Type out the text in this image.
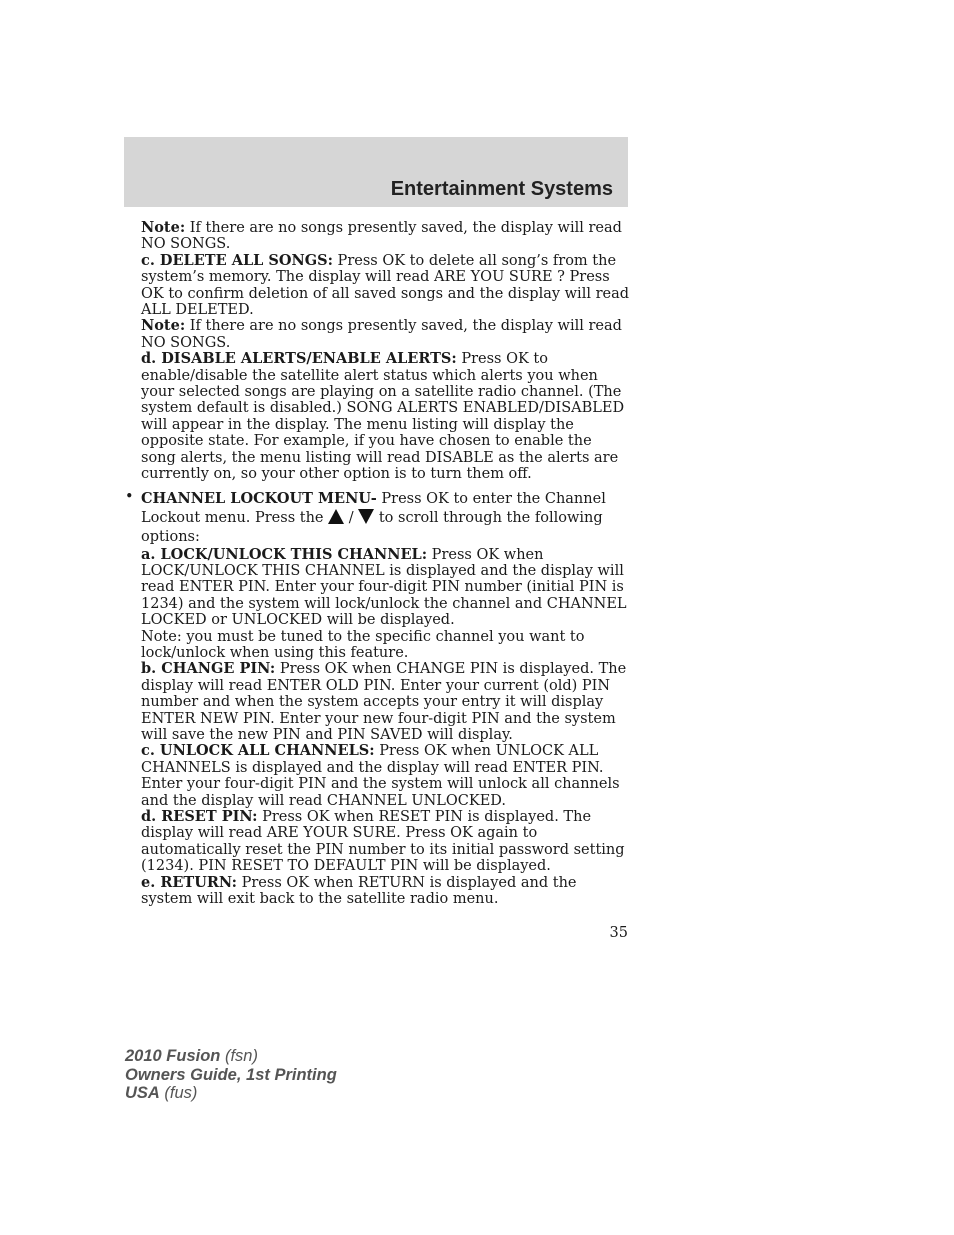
Entertainment Systems

Note: If there are no songs presently saved, the display will read NO SONGS.

c. DELETE ALL SONGS: Press OK to delete all song’s from the system’s memory. The display will read ARE YOU SURE ? Press OK to confirm deletion of all saved songs and the display will read ALL DELETED.

Note: If there are no songs presently saved, the display will read NO SONGS.

d. DISABLE ALERTS/ENABLE ALERTS: Press OK to enable/disable the satellite alert status which alerts you when your selected songs are playing on a satellite radio channel. (The system default is disabled.) SONG ALERTS ENABLED/DISABLED will appear in the display. The menu listing will display the opposite state. For example, if you have chosen to enable the song alerts, the menu listing will read DISABLE as the alerts are currently on, so your other option is to turn them off.

• CHANNEL LOCKOUT MENU- Press OK to enter the Channel
Lockout menu. Press the  /  to scroll through the following options:

a. LOCK/UNLOCK THIS CHANNEL: Press OK when LOCK/UNLOCK THIS CHANNEL is displayed and the display will read ENTER PIN. Enter your four-digit PIN number (initial PIN is 1234) and the system will lock/unlock the channel and CHANNEL LOCKED or UNLOCKED will be displayed.

Note: you must be tuned to the specific channel you want to lock/unlock when using this feature.

b. CHANGE PIN: Press OK when CHANGE PIN is displayed. The display will read ENTER OLD PIN. Enter your current (old) PIN number and when the system accepts your entry it will display ENTER NEW PIN. Enter your new four-digit PIN and the system will save the new PIN and PIN SAVED will display.

c. UNLOCK ALL CHANNELS: Press OK when UNLOCK ALL CHANNELS is displayed and the display will read ENTER PIN. Enter your four-digit PIN and the system will unlock all channels and the display will read CHANNEL UNLOCKED.

d. RESET PIN: Press OK when RESET PIN is displayed. The display will read ARE YOUR SURE. Press OK again to automatically reset the PIN number to its initial password setting (1234). PIN RESET TO DEFAULT PIN will be displayed.

e. RETURN: Press OK when RETURN is displayed and the system will exit back to the satellite radio menu.

35
2010 Fusion (fsn)
Owners Guide, 1st Printing
USA (fus)
